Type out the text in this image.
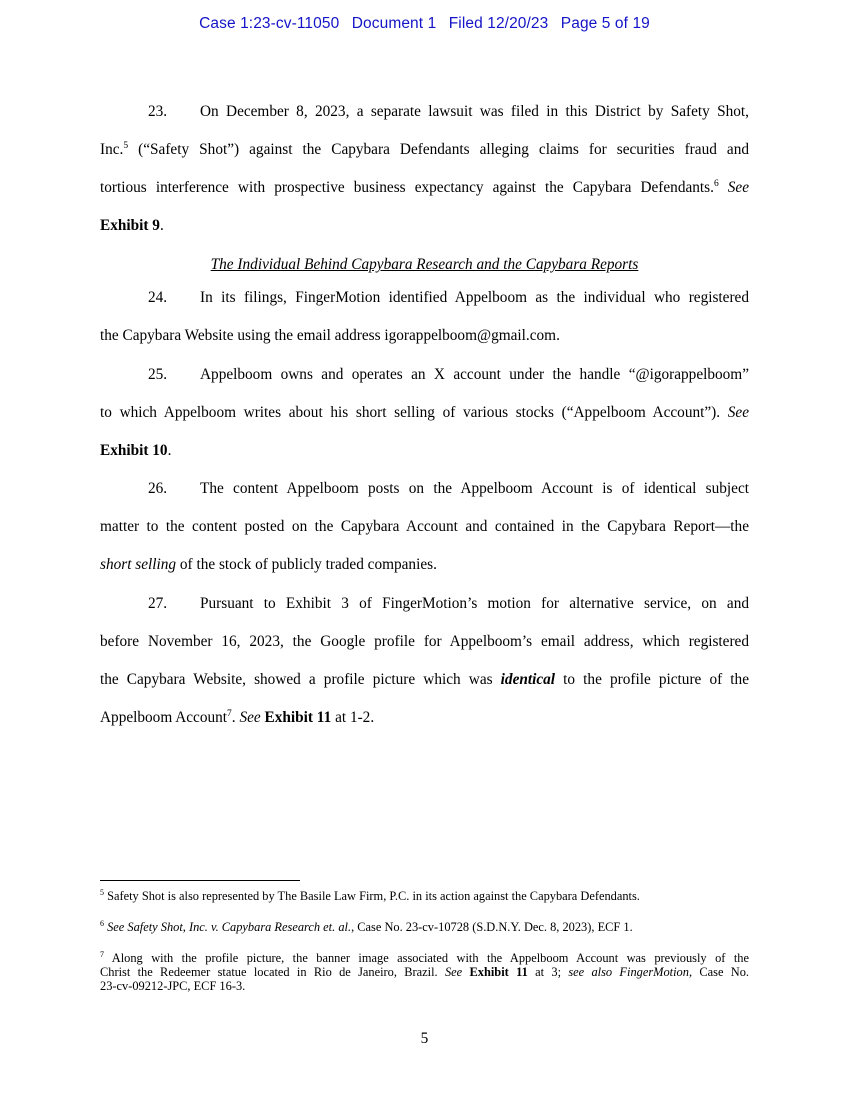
Case 1:23-cv-11050 Document 1 Filed 12/20/23 Page 5 of 19
23. On December 8, 2023, a separate lawsuit was filed in this District by Safety Shot,
Inc.$^5$ (“Safety Shot”) against the Capybara Defendants alleging claims for securities fraud and
tortious interference with prospective business expectancy against the Capybara Defendants.$^6$ See
Exhibit 9.
The Individual Behind Capybara Research and the Capybara Reports
24. In its filings, FingerMotion identified Appelboom as the individual who registered
the Capybara Website using the email address igorappelboom@gmail.com.
25. Appelboom owns and operates an X account under the handle “@igorappelboom”
to which Appelboom writes about his short selling of various stocks (“Appelboom Account”). See
Exhibit 10.
26. The content Appelboom posts on the Appelboom Account is of identical subject
matter to the content posted on the Capybara Account and contained in the Capybara Report—the
short selling of the stock of publicly traded companies.
27. Pursuant to Exhibit 3 of FingerMotion’s motion for alternative service, on and
before November 16, 2023, the Google profile for Appelboom’s email address, which registered
the Capybara Website, showed a profile picture which was identical to the profile picture of the
Appelboom Account$^7$. See Exhibit 11 at 1-2.
$^5$ Safety Shot is also represented by The Basile Law Firm, P.C. in its action against the Capybara Defendants.
$^6$ See Safety Shot, Inc. v. Capybara Research et. al., Case No. 23-cv-10728 (S.D.N.Y. Dec. 8, 2023), ECF 1.
$^7$ Along with the profile picture, the banner image associated with the Appelboom Account was previously of the
Christ the Redeemer statue located in Rio de Janeiro, Brazil. See Exhibit 11 at 3; see also FingerMotion, Case No.
23-cv-09212-JPC, ECF 16-3.
5
